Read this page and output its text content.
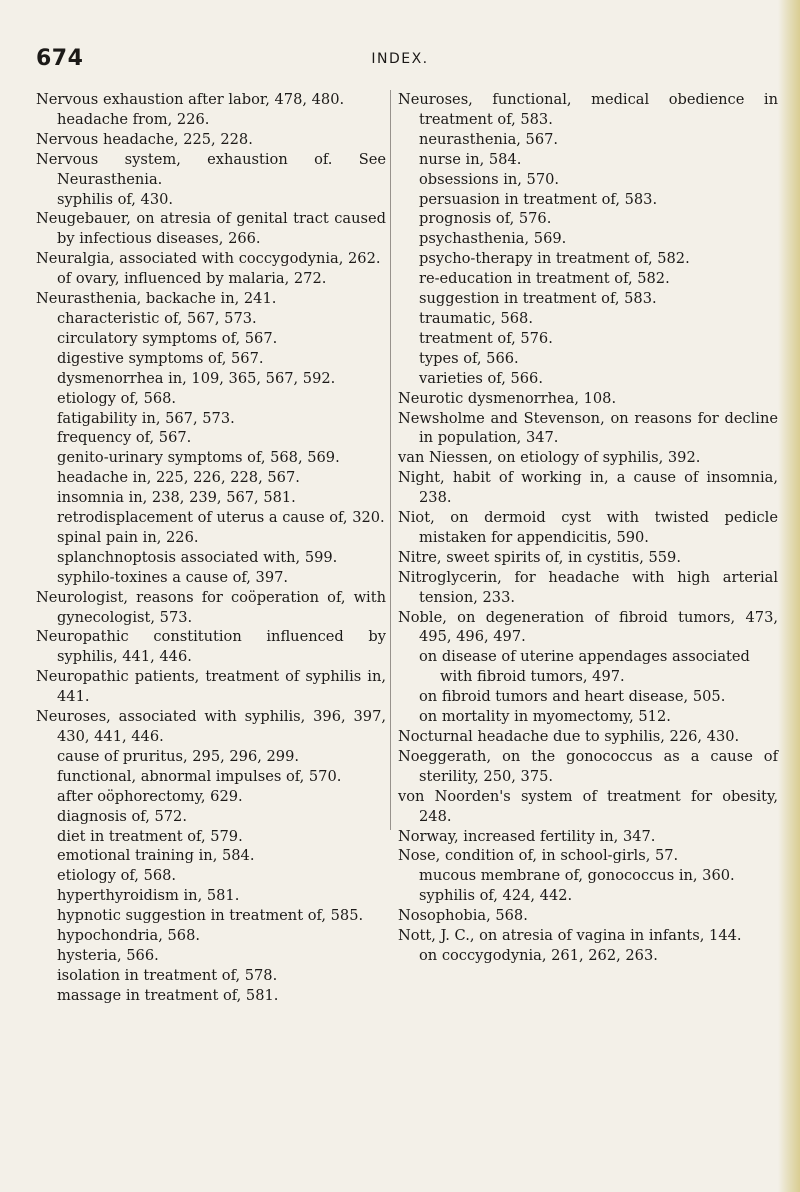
674	INDEX.
Nervous exhaustion after labor, 478, 480.
headache from, 226.
Nervous headache, 225, 228.
Nervous system, exhaustion of. See Neurasthenia.
syphilis of, 430.
Neugebauer, on atresia of genital tract caused by infectious diseases, 266.
Neuralgia, associated with coccygodynia, 262.
of ovary, influenced by malaria, 272.
Neurasthenia, backache in, 241.
characteristic of, 567, 573.
circulatory symptoms of, 567.
digestive symptoms of, 567.
dysmenorrhea in, 109, 365, 567, 592.
etiology of, 568.
fatigability in, 567, 573.
frequency of, 567.
genito-urinary symptoms of, 568, 569.
headache in, 225, 226, 228, 567.
insomnia in, 238, 239, 567, 581.
retrodisplacement of uterus a cause of, 320.
spinal pain in, 226.
splanchnoptosis associated with, 599.
syphilo-toxines a cause of, 397.
Neurologist, reasons for coöperation of, with gynecologist, 573.
Neuropathic constitution influenced by syphilis, 441, 446.
Neuropathic patients, treatment of syphilis in, 441.
Neuroses, associated with syphilis, 396, 397, 430, 441, 446.
cause of pruritus, 295, 296, 299.
functional, abnormal impulses of, 570.
after oöphorectomy, 629.
diagnosis of, 572.
diet in treatment of, 579.
emotional training in, 584.
etiology of, 568.
hyperthyroidism in, 581.
hypnotic suggestion in treatment of, 585.
hypochondria, 568.
hysteria, 566.
isolation in treatment of, 578.
massage in treatment of, 581.
Neuroses, functional, medical obedience in treatment of, 583.
neurasthenia, 567.
nurse in, 584.
obsessions in, 570.
persuasion in treatment of, 583.
prognosis of, 576.
psychasthenia, 569.
psycho-therapy in treatment of, 582.
re-education in treatment of, 582.
suggestion in treatment of, 583.
traumatic, 568.
treatment of, 576.
types of, 566.
varieties of, 566.
Neurotic dysmenorrhea, 108.
Newsholme and Stevenson, on reasons for decline in population, 347.
van Niessen, on etiology of syphilis, 392.
Night, habit of working in, a cause of insomnia, 238.
Niot, on dermoid cyst with twisted pedicle mistaken for appendicitis, 590.
Nitre, sweet spirits of, in cystitis, 559.
Nitroglycerin, for headache with high arterial tension, 233.
Noble, on degeneration of fibroid tumors, 473, 495, 496, 497.
on disease of uterine appendages associated with fibroid tumors, 497.
on fibroid tumors and heart disease, 505.
on mortality in myomectomy, 512.
Nocturnal headache due to syphilis, 226, 430.
Noeggerath, on the gonococcus as a cause of sterility, 250, 375.
von Noorden's system of treatment for obesity, 248.
Norway, increased fertility in, 347.
Nose, condition of, in school-girls, 57.
mucous membrane of, gonococcus in, 360.
syphilis of, 424, 442.
Nosophobia, 568.
Nott, J. C., on atresia of vagina in infants, 144.
on coccygodynia, 261, 262, 263.
